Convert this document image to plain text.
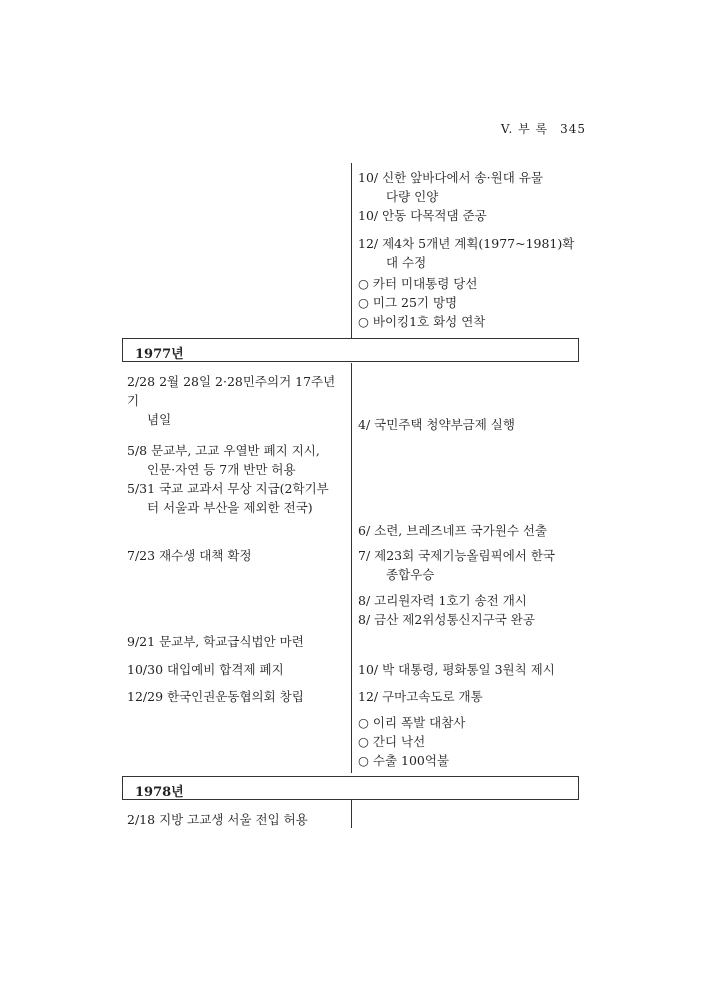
V. 부 록 345
10/ 신한 앞바다에서 송·원대 유물
다량 인양
10/ 안동 다목적댐 준공
12/ 제4차 5개년 계획(1977~1981)확
대 수정
○ 카터 미대통령 당선
○ 미그 25기 망명
○ 바이킹1호 화성 연착
1977년
2/28 2월 28일 2·28민주의거 17주년기
념일
5/8 문교부, 고교 우열반 폐지 지시,
인문·자연 등 7개 반만 허용
5/31 국교 교과서 무상 지급(2학기부
터 서울과 부산을 제외한 전국)
7/23 재수생 대책 확정
9/21 문교부, 학교급식법안 마련
10/30 대입예비 합격제 폐지
12/29 한국인권운동협의회 창립
4/ 국민주택 청약부금제 실행
6/ 소련, 브레즈네프 국가원수 선출
7/ 제23회 국제기능올림픽에서 한국
종합우승
8/ 고리원자력 1호기 송전 개시
8/ 금산 제2위성통신지구국 완공
10/ 박 대통령, 평화통일 3원칙 제시
12/ 구마고속도로 개통
○ 이리 폭발 대참사
○ 간디 낙선
○ 수출 100억불
1978년
2/18 지방 고교생 서울 전입 허용
